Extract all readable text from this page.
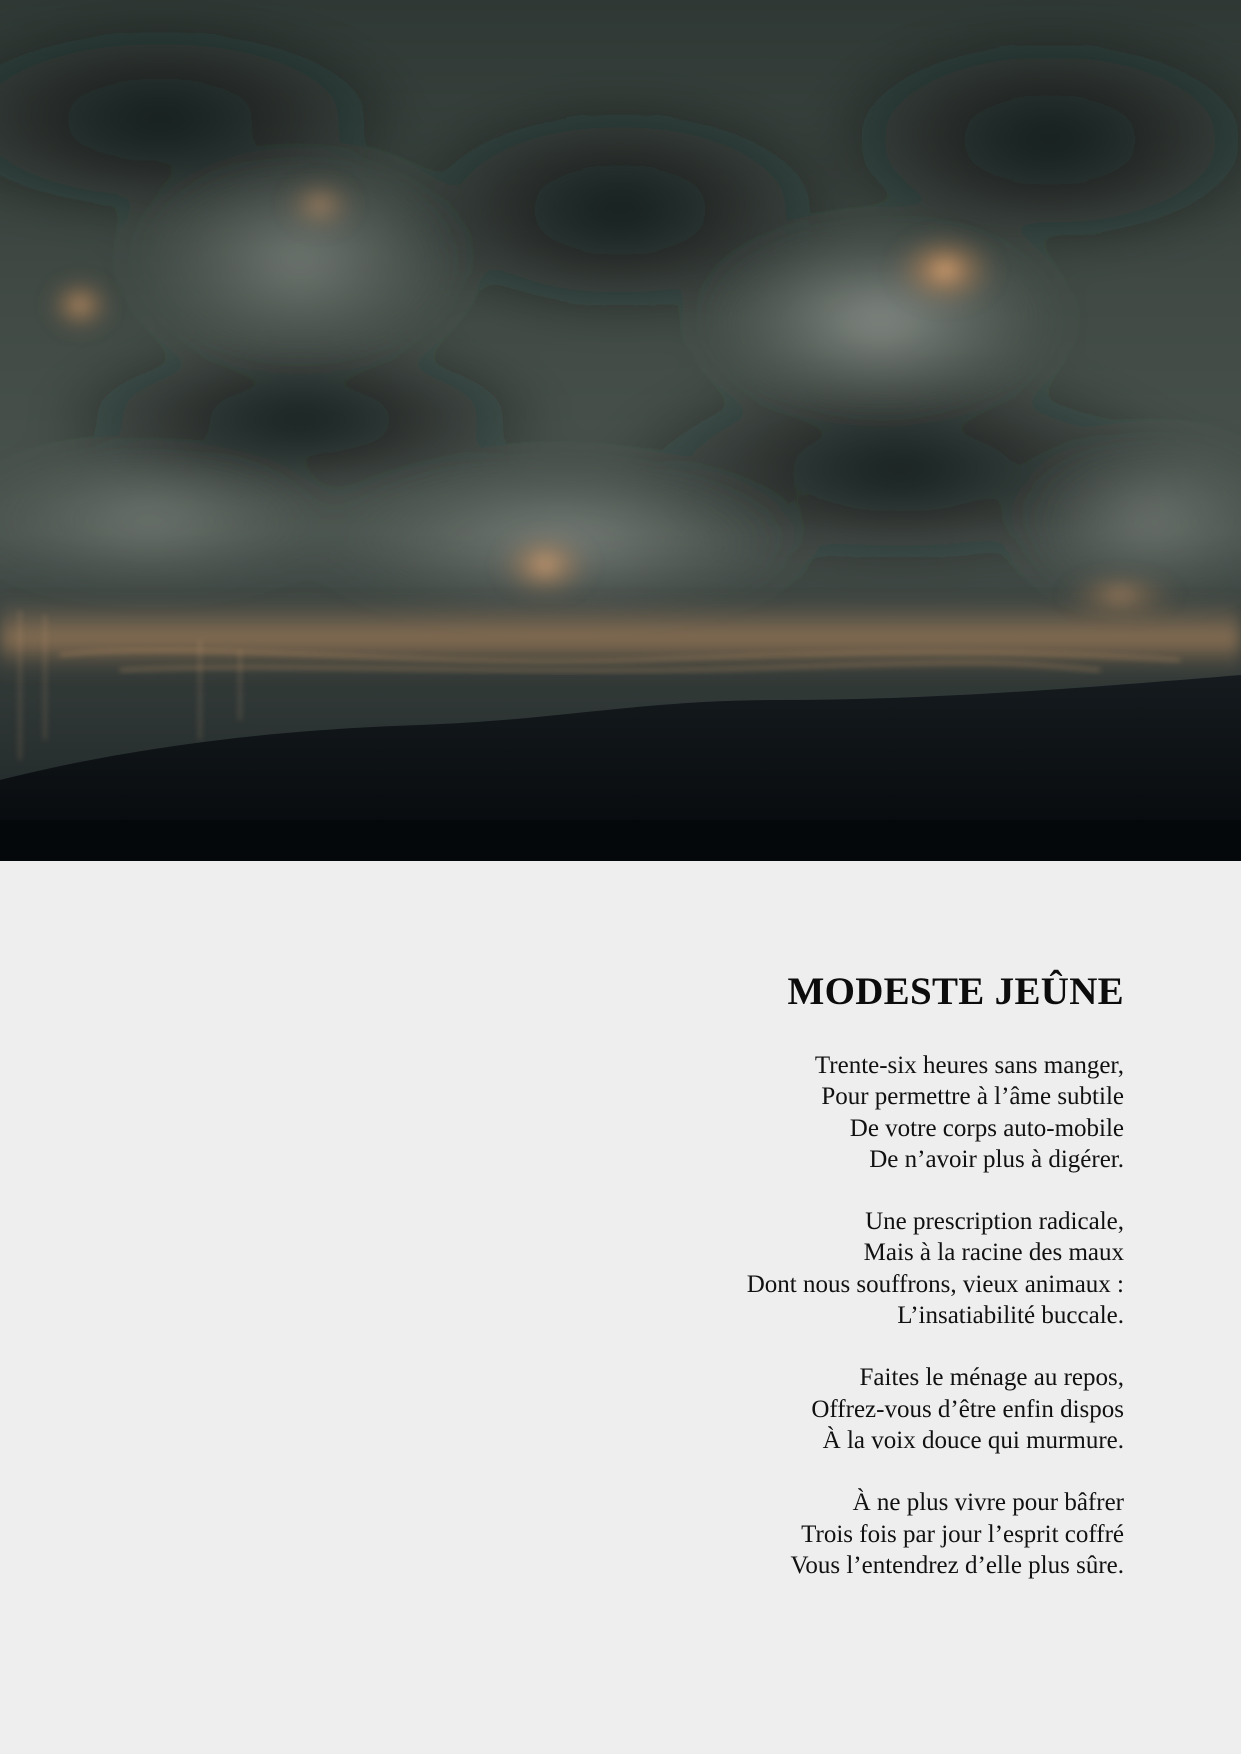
MODESTE JEÛNE
Trente-six heures sans manger,
Pour permettre à l’âme subtile
De votre corps auto-mobile
De n’avoir plus à digérer.
Une prescription radicale,
Mais à la racine des maux
Dont nous souffrons, vieux animaux :
L’insatiabilité buccale.
Faites le ménage au repos,
Offrez-vous d’être enfin dispos
À la voix douce qui murmure.
À ne plus vivre pour bâfrer
Trois fois par jour l’esprit coffré
Vous l’entendrez d’elle plus sûre.
